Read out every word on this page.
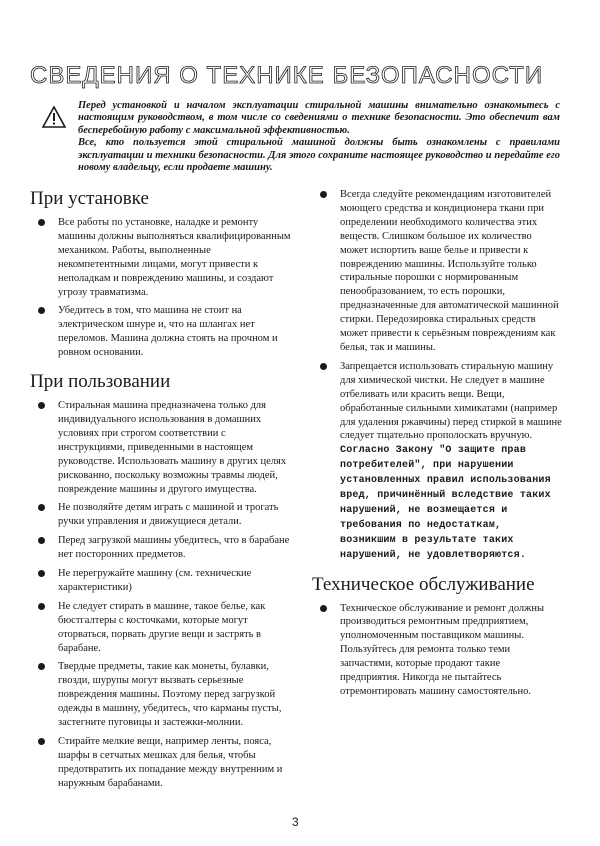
СВЕДЕНИЯ О ТЕХНИКЕ БЕЗОПАСНОСТИ

Перед установкой и началом эксплуатации стиральной машины внимательно ознакомьтесь с настоящим руководством, в том числе со сведениями о технике безопасности. Это обеспечит вам бесперебойную работу с максимальной эффективностью.

Все, кто пользуется этой стиральной машиной должны быть ознакомлены с правилами эксплуатации и техники безопасности. Для этого сохраните настоящее руководство и передайте его новому владельцу, если продаете машину.

При установке
Все работы по установке, наладке и ремонту машины должны выполняться квалифицированным механиком. Работы, выполненные некомпетентными лицами, могут привести к неполадкам и повреждению машины, и создают угрозу травматизма.
Убедитесь в том, что машина не стоит на электрическом шнуре и, что на шлангах нет переломов. Машина должна стоять на прочном и ровном основании.
При пользовании
Стиральная машина предназначена только для индивидуального использования в домашних условиях при строгом соответствии с инструкциями, приведенными в настоящем руководстве. Использовать машину в других целях рискованно, поскольку возможны травмы людей, повреждение машины и другого имущества.
Не позволяйте детям играть с машиной и трогать ручки управления и движущиеся детали.
Перед загрузкой машины убедитесь, что в барабане нет посторонних предметов.
Не перегружайте машину (см. технические характеристики)
Не следует стирать в машине, такое белье, как бюстгалтеры с косточками, которые могут оторваться, порвать другие вещи и застрять в барабане.
Твердые предметы, такие как монеты, булавки, гвозди, шурупы могут вызвать серьезные повреждения машины. Поэтому перед загрузкой одежды в машину, убедитесь, что карманы пусты, застегните пуговицы и застежки-молнии.
Стирайте мелкие вещи, например ленты, пояса, шарфы в сетчатых мешках для белья, чтобы предотвратить их попадание между внутренним и наружным барабанами.
Всегда следуйте рекомендациям изготовителей моющего средства и кондиционера ткани при определении необходимого количества этих веществ. Слишком большое их количество может испортить ваше белье и привести к повреждению машины. Используйте только стиральные порошки с нормированным пенообразованием, то есть порошки, предназначенные для автоматической машинной стирки. Передозировка стиральных средств может привести к серьёзным повреждениям как белья, так и машины.
Запрещается использовать стиральную машину для химической чистки. Не следует в машине отбеливать или красить вещи. Вещи, обработанные сильными химикатами (например для удаления ржавчины) перед стиркой в машине следует тщательно прополоскать вручную. Согласно Закону "О защите прав потребителей", при нарушении установленных правил использования вред, причинённый вследствие таких нарушений, не возмещается и требования по недостаткам, возникшим в результате таких нарушений, не удовлетворяются.
Техническое обслуживание
Техническое обслуживание и ремонт должны производиться ремонтным предприятием, уполномоченным поставщиком машины. Пользуйтесь для ремонта только теми запчастями, которые продают такие предприятия. Никогда не пытайтесь отремонтировать машину самостоятельно.
3
